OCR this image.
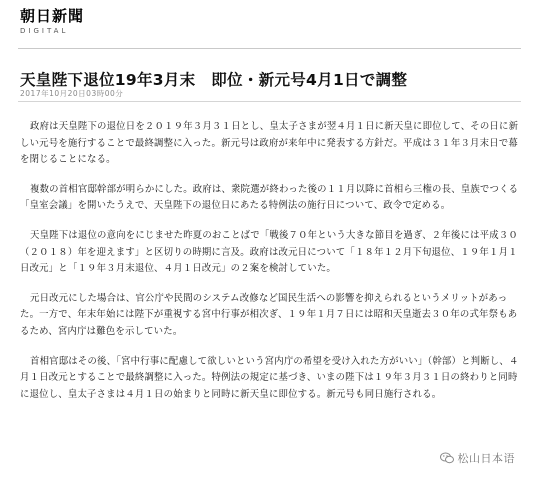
朝日新聞
DIGITAL
天皇陛下退位19年3月末　即位・新元号4月1日で調整
2017年10月20日03時00分

政府は天皇陛下の退位日を２０１９年３月３１日とし、皇太子さまが翌４月１日に新天皇に即位して、その日に新しい元号を施行することで最終調整に入った。新元号は政府が来年中に発表する方針だ。平成は３１年３月末日で幕を閉じることになる。

複数の首相官邸幹部が明らかにした。政府は、衆院選が終わった後の１１月以降に首相ら三権の長、皇族でつくる「皇室会議」を開いたうえで、天皇陛下の退位日にあたる特例法の施行日について、政令で定める。

天皇陛下は退位の意向をにじませた昨夏のおことばで「戦後７０年という大きな節目を過ぎ、２年後には平成３０（２０１８）年を迎えます」と区切りの時期に言及。政府は改元日について「１８年１２月下旬退位、１９年１月１日改元」と「１９年３月末退位、４月１日改元」の２案を検討していた。

元日改元にした場合は、官公庁や民間のシステム改修など国民生活への影響を抑えられるというメリットがあった。一方で、年末年始には陛下が重視する宮中行事が相次ぎ、１９年１月７日には昭和天皇逝去３０年の式年祭もあるため、宮内庁は難色を示していた。

首相官邸はその後、「宮中行事に配慮して欲しいという宮内庁の希望を受け入れた方がいい」（幹部）と判断し、４月１日改元とすることで最終調整に入った。特例法の規定に基づき、いまの陛下は１９年３月３１日の終わりと同時に退位し、皇太子さまは４月１日の始まりと同時に新天皇に即位する。新元号も同日施行される。

松山日本语
